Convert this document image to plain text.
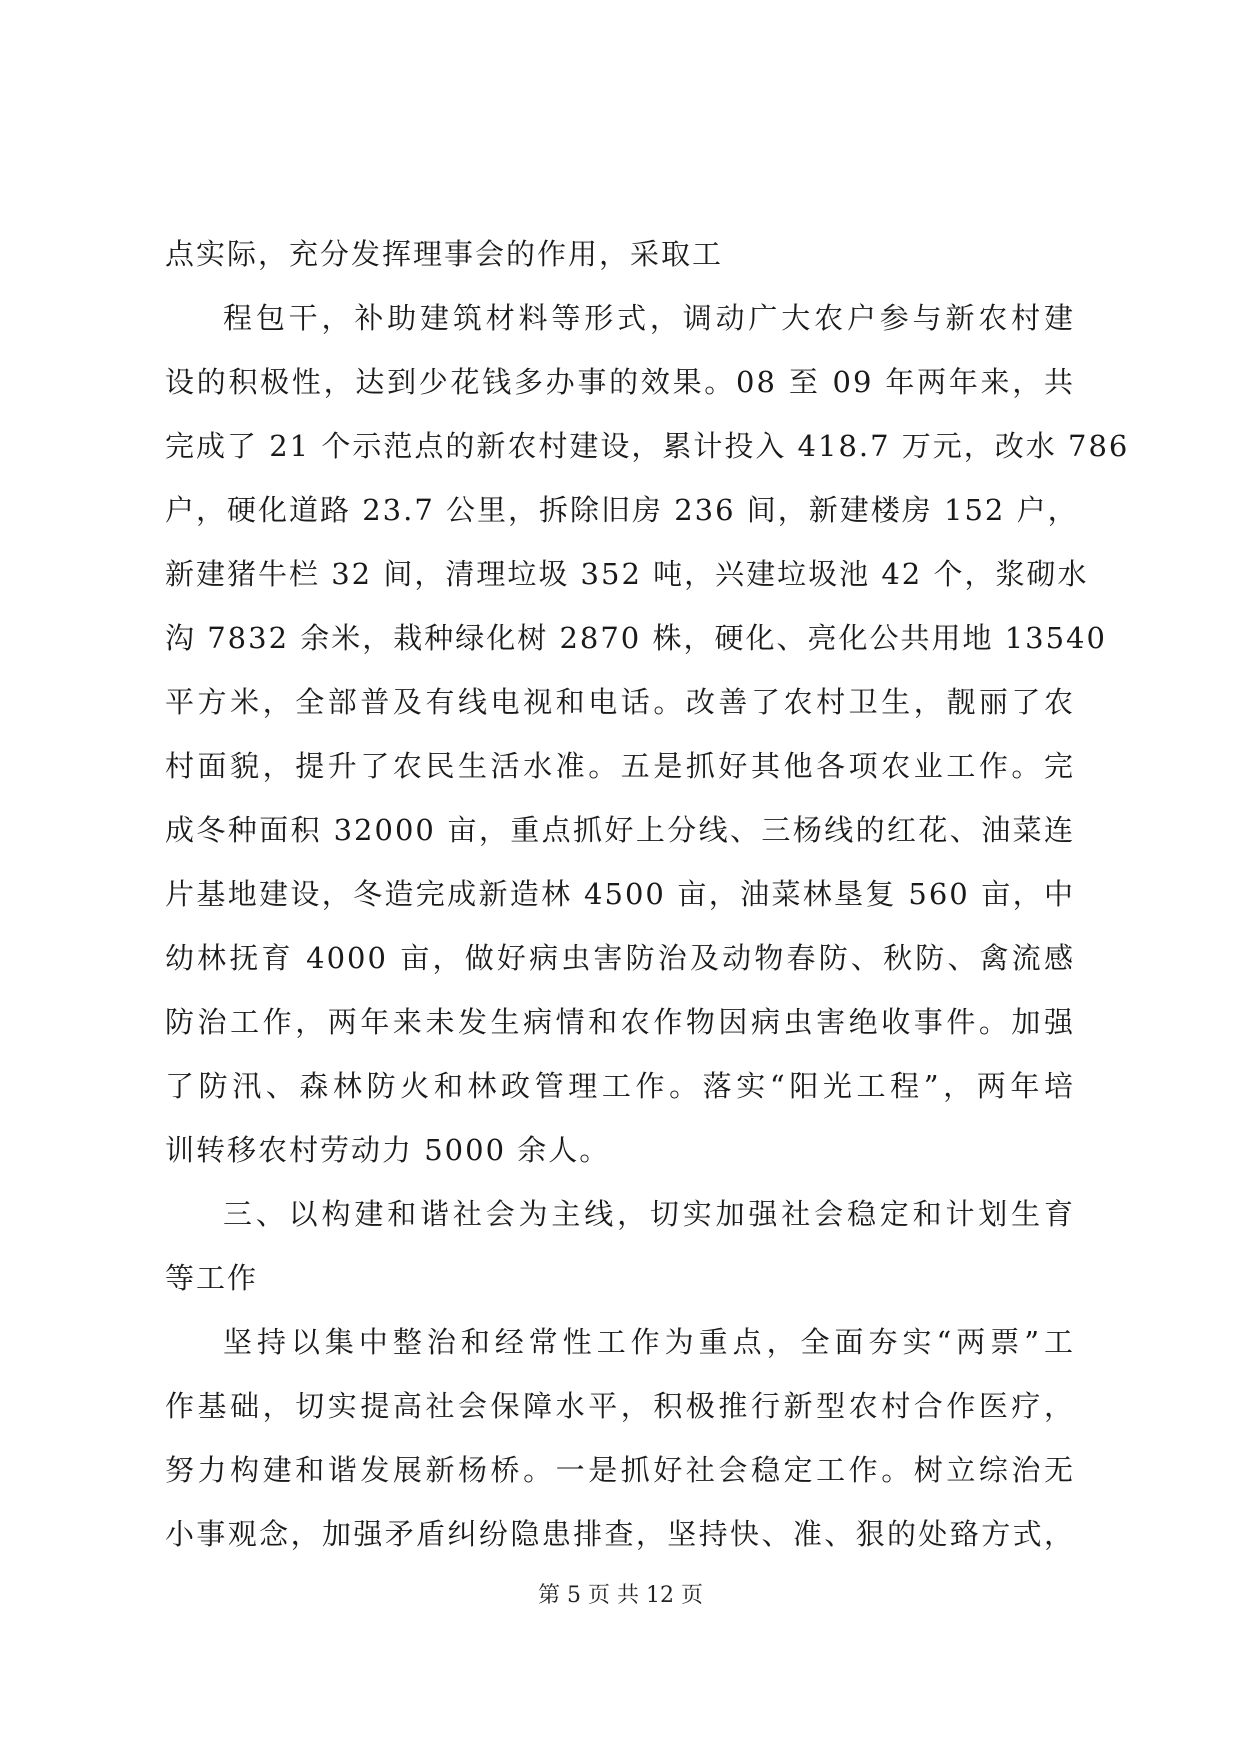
点实际，充分发挥理事会的作用，采取工
程包干，补助建筑材料等形式，调动广大农户参与新农村建
设的积极性，达到少花钱多办事的效果。08 至 09 年两年来，共
完成了 21 个示范点的新农村建设，累计投入 418.7 万元，改水 786
户，硬化道路 23.7 公里，拆除旧房 236 间，新建楼房 152 户，
新建猪牛栏 32 间，清理垃圾 352 吨，兴建垃圾池 42 个，浆砌水
沟 7832 余米，栽种绿化树 2870 株，硬化、亮化公共用地 13540
平方米，全部普及有线电视和电话。改善了农村卫生，靓丽了农
村面貌，提升了农民生活水准。五是抓好其他各项农业工作。完
成冬种面积 32000 亩，重点抓好上分线、三杨线的红花、油菜连
片基地建设，冬造完成新造林 4500 亩，油菜林垦复 560 亩，中
幼林抚育 4000 亩，做好病虫害防治及动物春防、秋防、禽流感
防治工作，两年来未发生病情和农作物因病虫害绝收事件。加强
了防汛、森林防火和林政管理工作。落实“阳光工程”，两年培
训转移农村劳动力 5000 余人。
三、以构建和谐社会为主线，切实加强社会稳定和计划生育
等工作
坚持以集中整治和经常性工作为重点，全面夯实“两票”工
作基础，切实提高社会保障水平，积极推行新型农村合作医疗，
努力构建和谐发展新杨桥。一是抓好社会稳定工作。树立综治无
小事观念，加强矛盾纠纷隐患排查，坚持快、准、狠的处臵方式，
第 5 页 共 12 页
